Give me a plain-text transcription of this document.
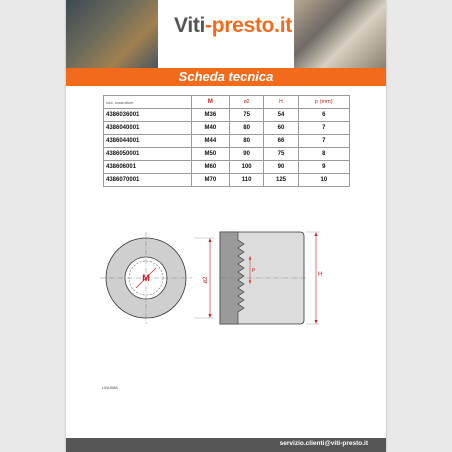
Viti-presto.it
Scheda tecnica
cod. costruttore	M	ø2	H	p (mm)
4386036001	M36	75	54	6
4386040001	M40	80	60	7
4386044001	M44	80	66	7
4386050001	M50	90	75	8
438606001	M60	100	90	9
4386070001	M70	110	125	10
M	ø2
P
H
UGU088
servizio.clienti@viti-presto.it
